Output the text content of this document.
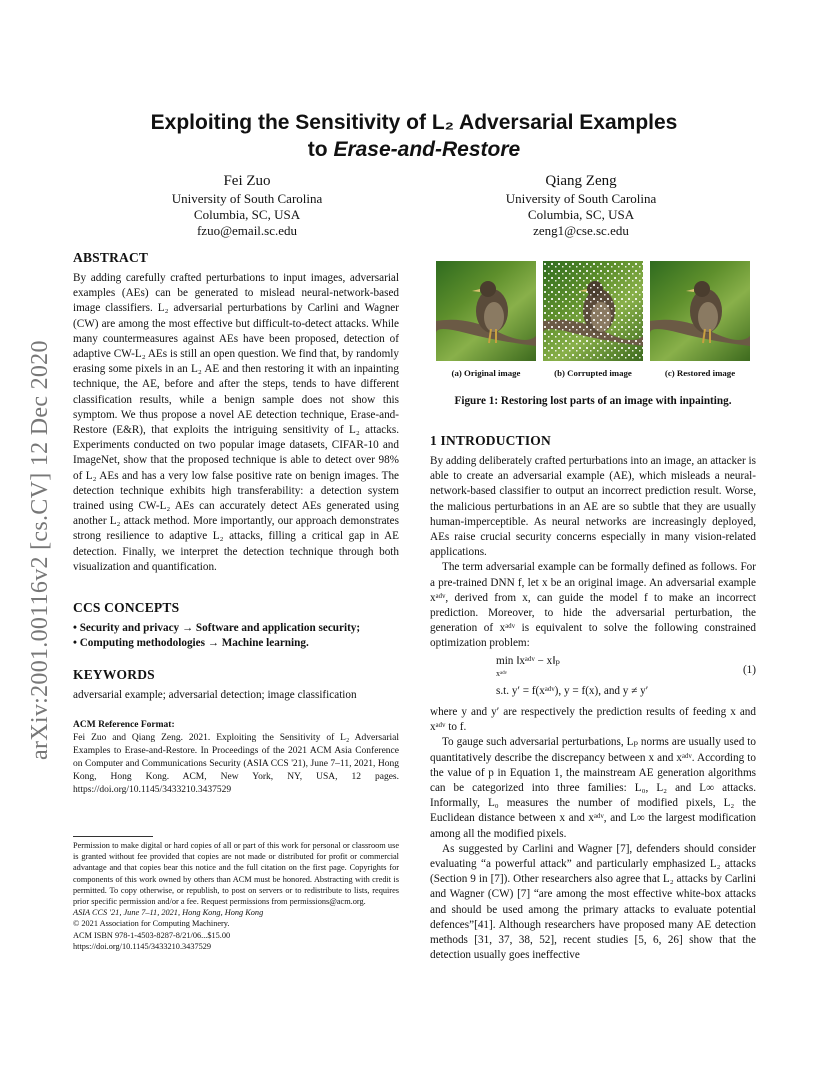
arXiv:2001.00116v2 [cs.CV] 12 Dec 2020
Exploiting the Sensitivity of L₂ Adversarial Examples
to Erase-and-Restore
Fei Zuo
University of South Carolina
Columbia, SC, USA
fzuo@email.sc.edu
Qiang Zeng
University of South Carolina
Columbia, SC, USA
zeng1@cse.sc.edu
ABSTRACT

By adding carefully crafted perturbations to input images, adversarial examples (AEs) can be generated to mislead neural-network-based image classifiers. L₂ adversarial perturbations by Carlini and Wagner (CW) are among the most effective but difficult-to-detect attacks. While many countermeasures against AEs have been proposed, detection of adaptive CW-L₂ AEs is still an open question. We find that, by randomly erasing some pixels in an L₂ AE and then restoring it with an inpainting technique, the AE, before and after the steps, tends to have different classification results, while a benign sample does not show this symptom. We thus propose a novel AE detection technique, Erase-and-Restore (E&R), that exploits the intriguing sensitivity of L₂ attacks. Experiments conducted on two popular image datasets, CIFAR-10 and ImageNet, show that the proposed technique is able to detect over 98% of L₂ AEs and has a very low false positive rate on benign images. The detection technique exhibits high transferability: a detection system trained using CW-L₂ AEs can accurately detect AEs generated using another L₂ attack method. More importantly, our approach demonstrates strong resilience to adaptive L₂ attacks, filling a critical gap in AE detection. Finally, we interpret the detection technique through both visualization and quantification.

CCS CONCEPTS
• Security and privacy → Software and application security;
• Computing methodologies → Machine learning.
KEYWORDS

adversarial example; adversarial detection; image classification

ACM Reference Format:

Fei Zuo and Qiang Zeng. 2021. Exploiting the Sensitivity of L₂ Adversarial Examples to Erase-and-Restore. In Proceedings of the 2021 ACM Asia Conference on Computer and Communications Security (ASIA CCS '21), June 7–11, 2021, Hong Kong, Hong Kong. ACM, New York, NY, USA, 12 pages. https://doi.org/10.1145/3433210.3437529

Permission to make digital or hard copies of all or part of this work for personal or classroom use is granted without fee provided that copies are not made or distributed for profit or commercial advantage and that copies bear this notice and the full citation on the first page. Copyrights for components of this work owned by others than ACM must be honored. Abstracting with credit is permitted. To copy otherwise, or republish, to post on servers or to redistribute to lists, requires prior specific permission and/or a fee. Request permissions from permissions@acm.org.

ASIA CCS '21, June 7–11, 2021, Hong Kong, Hong Kong

© 2021 Association for Computing Machinery.

ACM ISBN 978-1-4503-8287-8/21/06...$15.00

https://doi.org/10.1145/3433210.3437529

(a) Original image	(b) Corrupted image	(c) Restored image
Figure 1: Restoring lost parts of an image with inpainting.
1 INTRODUCTION

By adding deliberately crafted perturbations into an image, an attacker is able to create an adversarial example (AE), which misleads a neural-network-based classifier to output an incorrect prediction result. Worse, the malicious perturbations in an AE are so subtle that they are usually human-imperceptible. As neural networks are increasingly deployed, AEs raise crucial security concerns especially in many vision-related applications.

The term adversarial example can be formally defined as follows. For a pre-trained DNN f, let x be an original image. An adversarial example xᵃᵈᵛ, derived from x, can guide the model f to make an incorrect prediction. Moreover, to hide the adversarial perturbation, the generation of xᵃᵈᵛ is equivalent to solve the following constrained optimization problem:

min ‖xᵃᵈᵛ − x‖ₚ
xᵃᵈᵛ
s.t. y′ = f(xᵃᵈᵛ), y = f(x), and y ≠ y′
(1)

where y and y′ are respectively the prediction results of feeding x and xᵃᵈᵛ to f.

To gauge such adversarial perturbations, Lₚ norms are usually used to quantitatively describe the discrepancy between x and xᵃᵈᵛ. According to the value of p in Equation 1, the mainstream AE generation algorithms can be categorized into three families: L₀, L₂ and L∞ attacks. Informally, L₀ measures the number of modified pixels, L₂ the Euclidean distance between x and xᵃᵈᵛ, and L∞ the largest modification among all the modified pixels.

As suggested by Carlini and Wagner [7], defenders should consider evaluating “a powerful attack” and particularly emphasized L₂ attacks (Section 9 in [7]). Other researchers also agree that L₂ attacks by Carlini and Wagner (CW) [7] “are among the most effective white-box attacks and should be used among the primary attacks to evaluate potential defences”[41]. Although researchers have proposed many AE detection methods [31, 37, 38, 52], recent studies [5, 6, 26] show that the detection usually goes ineffective
